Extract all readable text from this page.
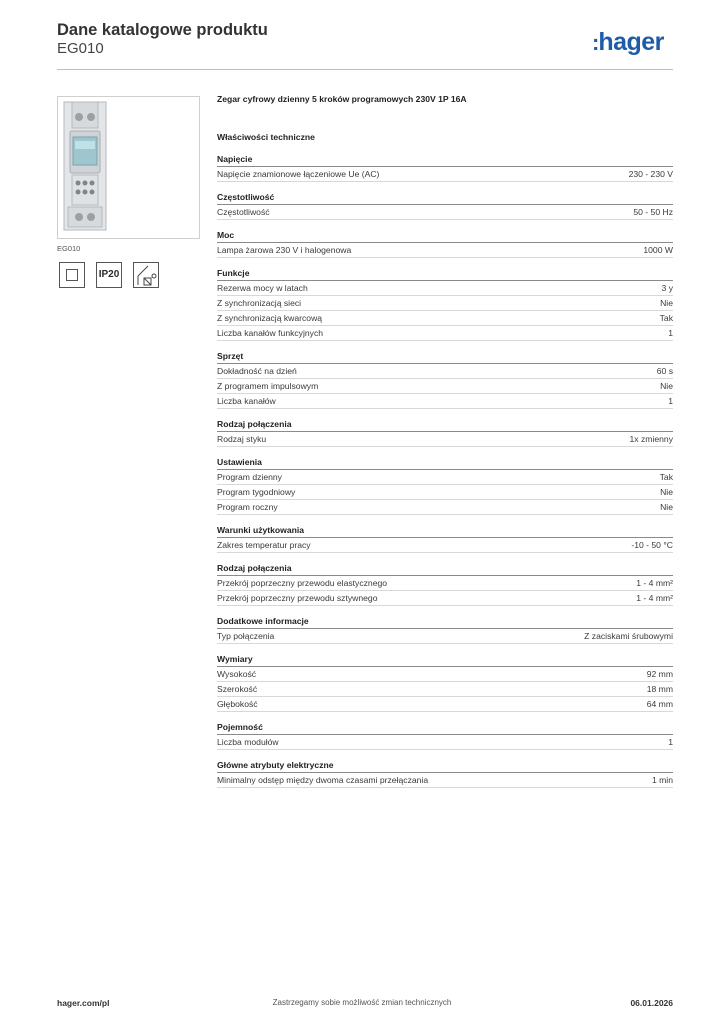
Dane katalogowe produktu
EG010	:hager
EG010
IP20
Zegar cyfrowy dzienny 5 kroków programowych 230V 1P 16A
Właściwości techniczne
Napięcie
Napięcie znamionowe łączeniowe Ue (AC)	230 - 230 V
Częstotliwość
Częstotliwość	50 - 50 Hz
Moc
Lampa żarowa 230 V i halogenowa	1000 W
Funkcje
Rezerwa mocy w latach	3 y
Z synchronizacją sieci	Nie
Z synchronizacją kwarcową	Tak
Liczba kanałów funkcyjnych	1
Sprzęt
Dokładność na dzień	60 s
Z programem impulsowym	Nie
Liczba kanałów	1
Rodzaj połączenia
Rodzaj styku	1x zmienny
Ustawienia
Program dzienny	Tak
Program tygodniowy	Nie
Program roczny	Nie
Warunki użytkowania
Zakres temperatur pracy	-10 - 50 °C
Rodzaj połączenia
Przekrój poprzeczny przewodu elastycznego	1 - 4 mm²
Przekrój poprzeczny przewodu sztywnego	1 - 4 mm²
Dodatkowe informacje
Typ połączenia	Z zaciskami śrubowymi
Wymiary
Wysokość	92 mm
Szerokość	18 mm
Głębokość	64 mm
Pojemność
Liczba modułów	1
Główne atrybuty elektryczne
Minimalny odstęp między dwoma czasami przełączania	1 min
hager.com/pl	Zastrzegamy sobie możliwość zmian technicznych	06.01.2026
